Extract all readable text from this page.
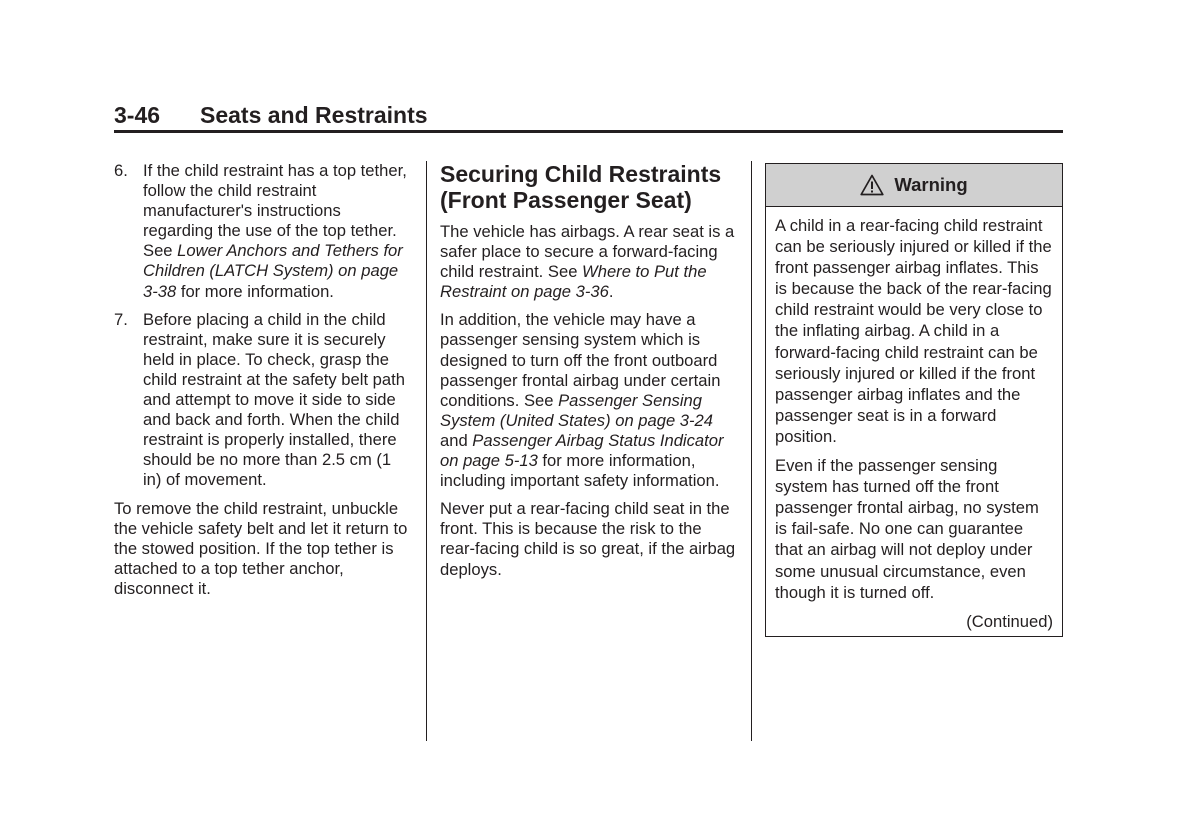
3-46 Seats and Restraints
6. If the child restraint has a top tether, follow the child restraint manufacturer's instructions regarding the use of the top tether. See Lower Anchors and Tethers for Children (LATCH System) on page 3-38 for more information.
7. Before placing a child in the child restraint, make sure it is securely held in place. To check, grasp the child restraint at the safety belt path and attempt to move it side to side and back and forth. When the child restraint is properly installed, there should be no more than 2.5 cm (1 in) of movement.

To remove the child restraint, unbuckle the vehicle safety belt and let it return to the stowed position. If the top tether is attached to a top tether anchor, disconnect it.

Securing Child Restraints (Front Passenger Seat)

The vehicle has airbags. A rear seat is a safer place to secure a forward-facing child restraint. See Where to Put the Restraint on page 3-36.

In addition, the vehicle may have a passenger sensing system which is designed to turn off the front outboard passenger frontal airbag under certain conditions. See Passenger Sensing System (United States) on page 3-24 and Passenger Airbag Status Indicator on page 5-13 for more information, including important safety information.

Never put a rear-facing child seat in the front. This is because the risk to the rear-facing child is so great, if the airbag deploys.

Warning

A child in a rear-facing child restraint can be seriously injured or killed if the front passenger airbag inflates. This is because the back of the rear-facing child restraint would be very close to the inflating airbag. A child in a forward-facing child restraint can be seriously injured or killed if the front passenger airbag inflates and the passenger seat is in a forward position.

Even if the passenger sensing system has turned off the front passenger frontal airbag, no system is fail-safe. No one can guarantee that an airbag will not deploy under some unusual circumstance, even though it is turned off.

(Continued)
